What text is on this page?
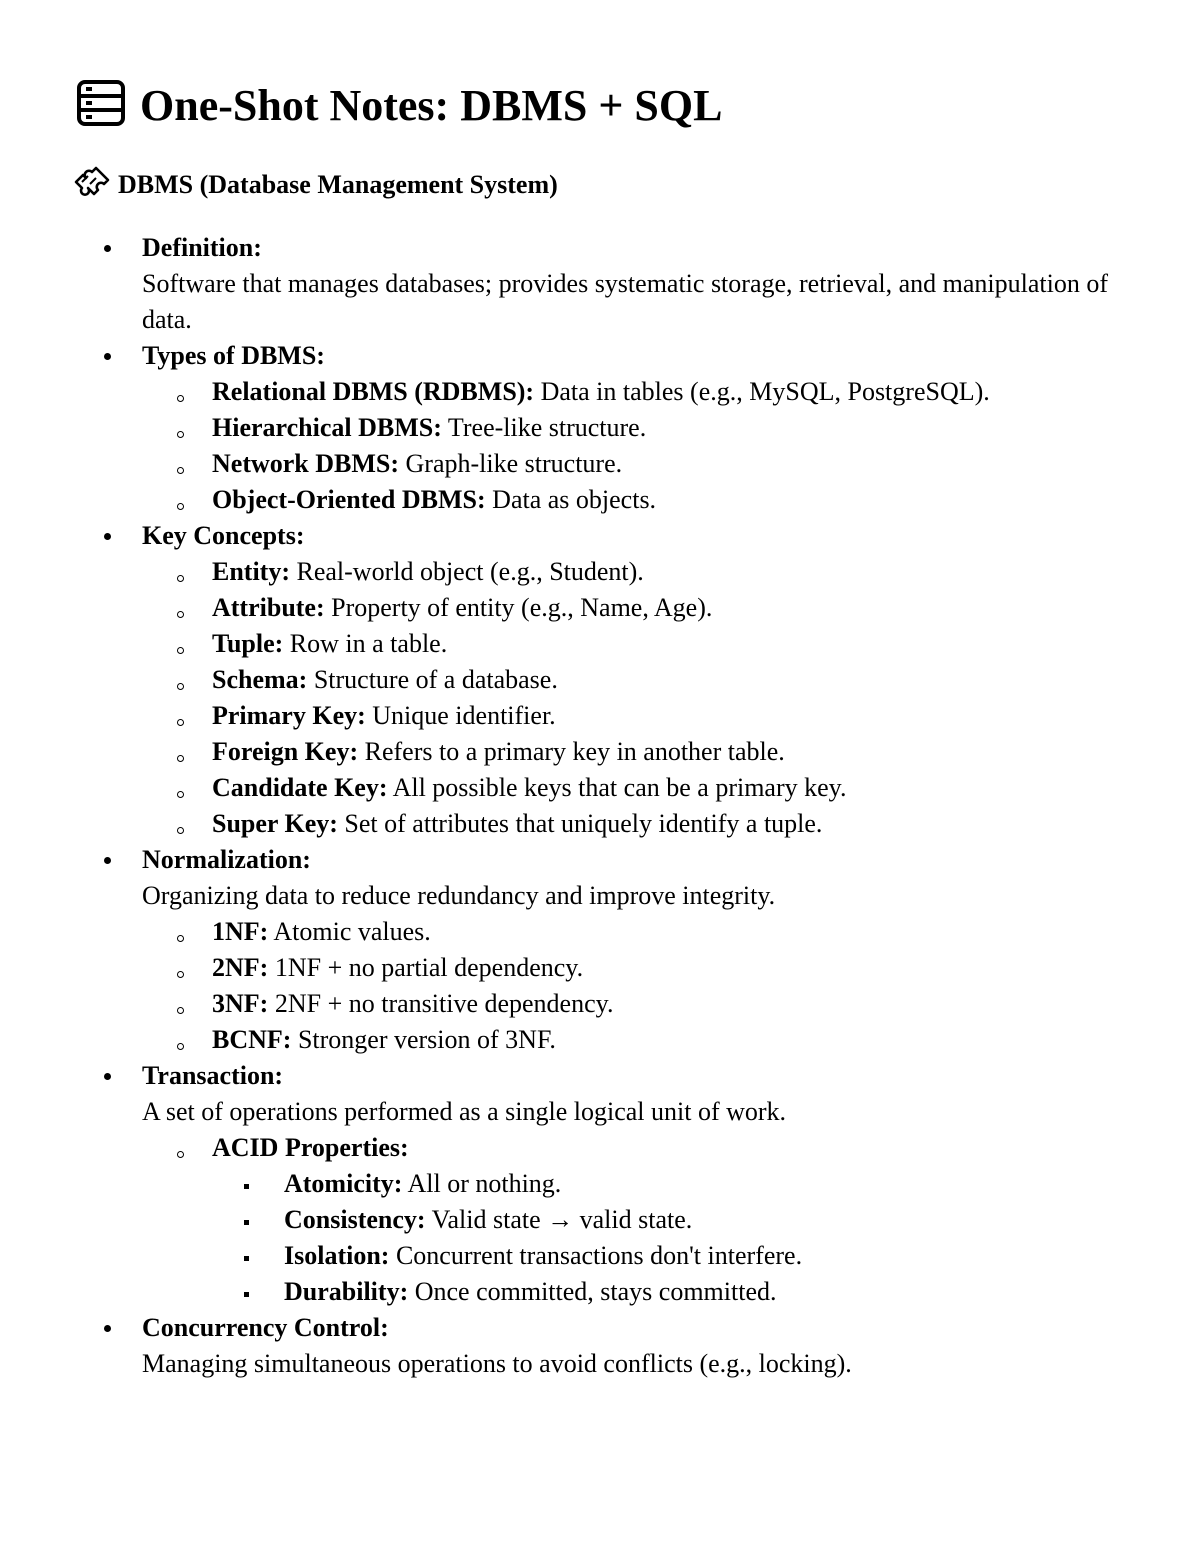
One-Shot Notes: DBMS + SQL
DBMS (Database Management System)
Definition:
Software that manages databases; provides systematic storage, retrieval, and manipulation of data.
Types of DBMS:
Relational DBMS (RDBMS): Data in tables (e.g., MySQL, PostgreSQL).
Hierarchical DBMS: Tree-like structure.
Network DBMS: Graph-like structure.
Object-Oriented DBMS: Data as objects.
Key Concepts:
Entity: Real-world object (e.g., Student).
Attribute: Property of entity (e.g., Name, Age).
Tuple: Row in a table.
Schema: Structure of a database.
Primary Key: Unique identifier.
Foreign Key: Refers to a primary key in another table.
Candidate Key: All possible keys that can be a primary key.
Super Key: Set of attributes that uniquely identify a tuple.
Normalization:
Organizing data to reduce redundancy and improve integrity.
1NF: Atomic values.
2NF: 1NF + no partial dependency.
3NF: 2NF + no transitive dependency.
BCNF: Stronger version of 3NF.
Transaction:
A set of operations performed as a single logical unit of work.
ACID Properties:
Atomicity: All or nothing.
Consistency: Valid state → valid state.
Isolation: Concurrent transactions don't interfere.
Durability: Once committed, stays committed.
Concurrency Control:
Managing simultaneous operations to avoid conflicts (e.g., locking).
